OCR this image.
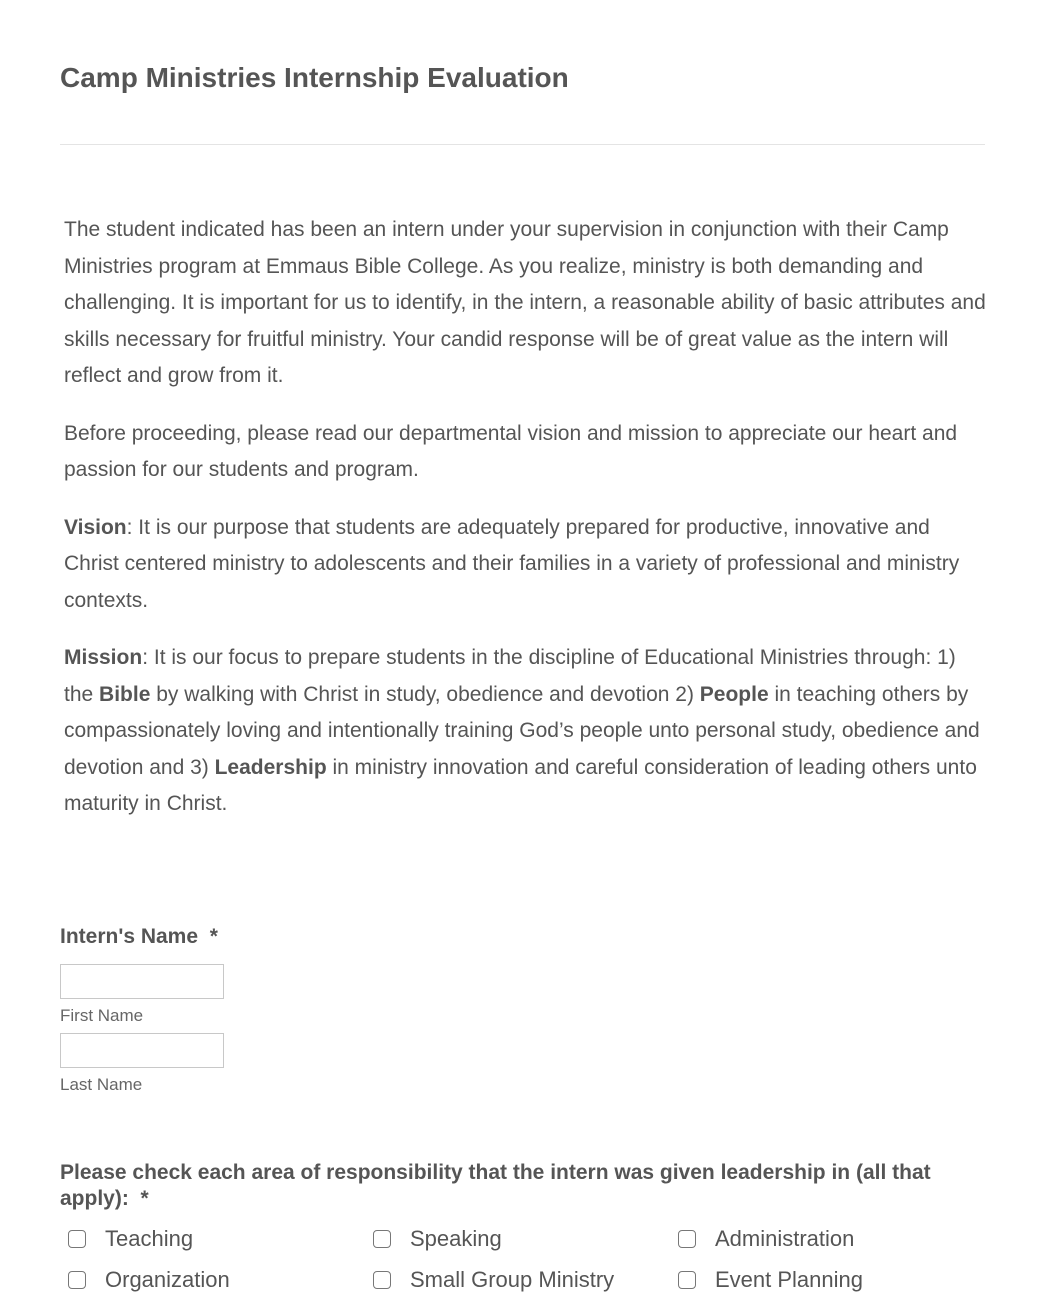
Camp Ministries Internship Evaluation

The student indicated has been an intern under your supervision in conjunction with their Camp Ministries program at Emmaus Bible College. As you realize, ministry is both demanding and challenging. It is important for us to identify, in the intern, a reasonable ability of basic attributes and skills necessary for fruitful ministry. Your candid response will be of great value as the intern will reflect and grow from it.

Before proceeding, please read our departmental vision and mission to appreciate our heart and passion for our students and program.

Vision: It is our purpose that students are adequately prepared for productive, innovative and Christ centered ministry to adolescents and their families in a variety of professional and ministry contexts.

Mission: It is our focus to prepare students in the discipline of Educational Ministries through: 1) the Bible by walking with Christ in study, obedience and devotion 2) People in teaching others by compassionately loving and intentionally training God’s people unto personal study, obedience and devotion and 3) Leadership in ministry innovation and careful consideration of leading others unto maturity in Christ.

Intern's Name *
First Name
Last Name
Please check each area of responsibility that the intern was given leadership in (all that apply): *
Teaching	Speaking	Administration
Organization	Small Group Ministry	Event Planning
